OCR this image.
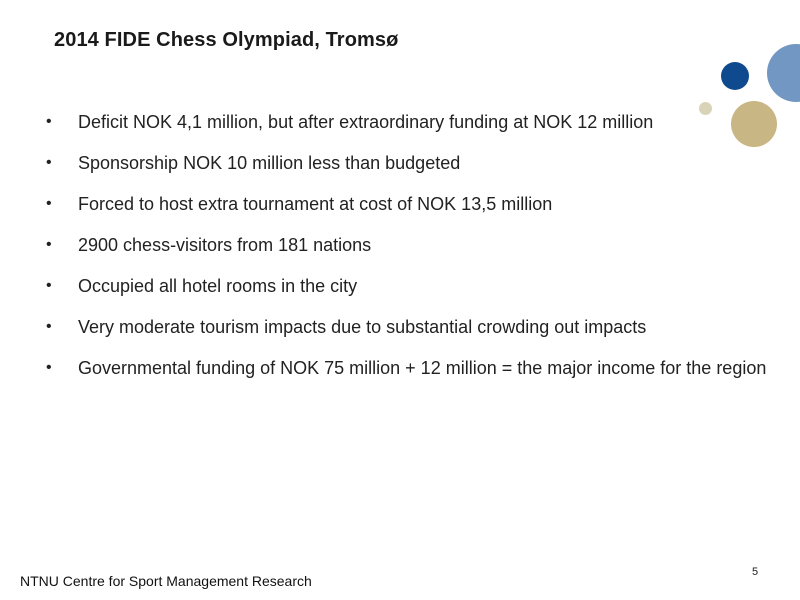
2014 FIDE Chess Olympiad, Tromsø
• Deficit NOK 4,1 million, but after extraordinary funding at NOK 12 million
• Sponsorship NOK 10 million less than budgeted
• Forced to host extra tournament at cost of NOK 13,5 million
• 2900 chess-visitors from 181 nations
• Occupied all hotel rooms in the city
• Very moderate tourism impacts due to substantial crowding out impacts
• Governmental funding of NOK 75 million + 12 million = the major income for the region
NTNU Centre for Sport Management Research
5
